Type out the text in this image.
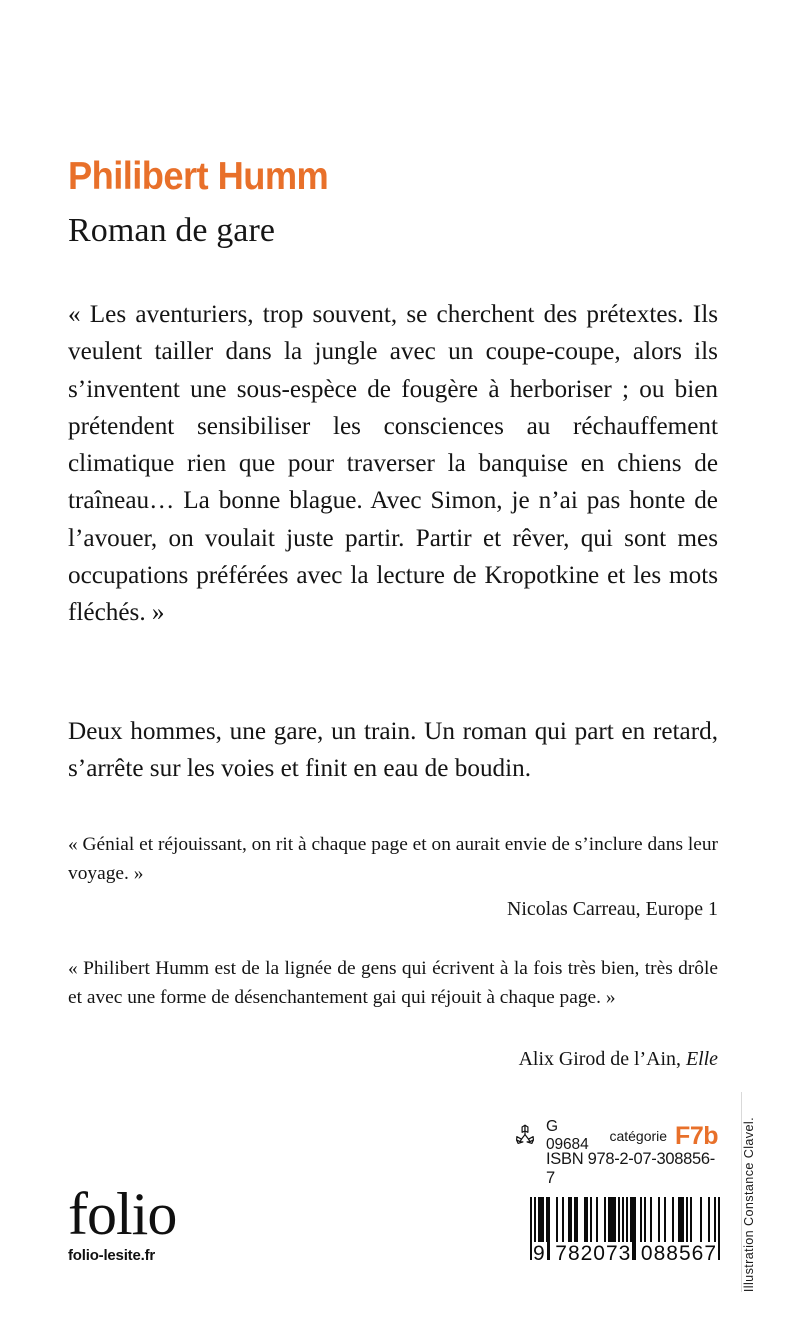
Philibert Humm
Roman de gare
« Les aventuriers, trop souvent, se cherchent des prétextes. Ils veulent tailler dans la jungle avec un coupe-coupe, alors ils s’inventent une sous-espèce de fougère à herboriser ; ou bien prétendent sensibiliser les consciences au réchauffement climatique rien que pour traverser la banquise en chiens de traîneau… La bonne blague. Avec Simon, je n’ai pas honte de l’avouer, on voulait juste partir. Partir et rêver, qui sont mes occupations préférées avec la lecture de Kropotkine et les mots fléchés. »
Deux hommes, une gare, un train. Un roman qui part en retard, s’arrête sur les voies et finit en eau de boudin.
« Génial et réjouissant, on rit à chaque page et on aurait envie de s’inclure dans leur voyage. »
Nicolas Carreau, Europe 1
« Philibert Humm est de la lignée de gens qui écrivent à la fois très bien, très drôle et avec une forme de désenchantement gai qui réjouit à chaque page. »
Alix Girod de l’Ain, Elle
folio
folio-lesite.fr
G 09684	catégorie F7b
ISBN 978-2-07-308856-7
9 782073 088567 Illustration Constance Clavel.
